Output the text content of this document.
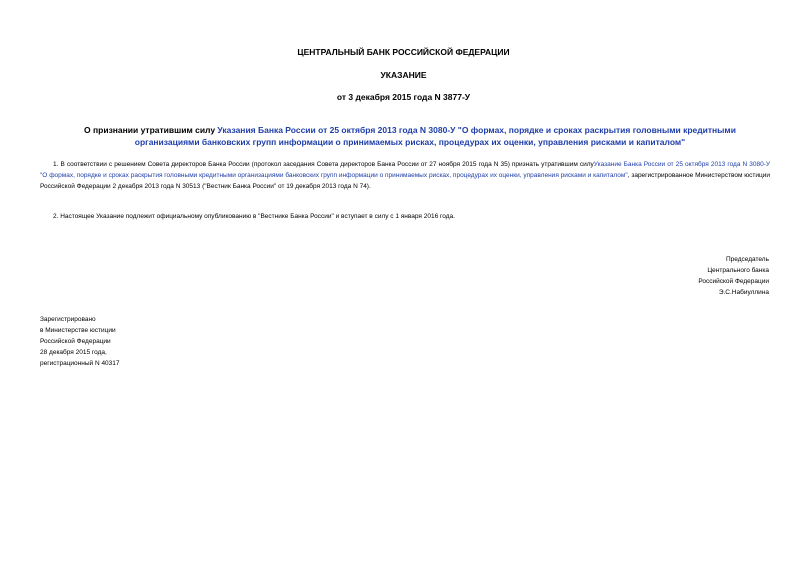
ЦЕНТРАЛЬНЫЙ БАНК РОССИЙСКОЙ ФЕДЕРАЦИИ
УКАЗАНИЕ
от 3 декабря 2015 года N 3877-У
О признании утратившим силу Указания Банка России от 25 октября 2013 года N 3080-У "О формах, порядке и сроках раскрытия головными кредитными организациями банковских групп информации о принимаемых рисках, процедурах их оценки, управления рисками и капиталом"
1. В соответствии с решением Совета директоров Банка России (протокол заседания Совета директоров Банка России от 27 ноября 2015 года N 35) признать утратившим силуУказание Банка России от 25 октября 2013 года N 3080-У "О формах, порядке и сроках раскрытия головными кредитными организациями банковских групп информации о принимаемых рисках, процедурах их оценки, управления рисками и капиталом", зарегистрированное Министерством юстиции Российской Федерации 2 декабря 2013 года N 30513 ("Вестник Банка России" от 19 декабря 2013 года N 74).
2. Настоящее Указание подлежит официальному опубликованию в "Вестнике Банка России" и вступает в силу с 1 января 2016 года.
Председатель
Центрального банка
Российской Федерации
Э.С.Набиуллина
Зарегистрировано
в Министерстве юстиции
Российской Федерации
28 декабря 2015 года,
регистрационный N 40317
